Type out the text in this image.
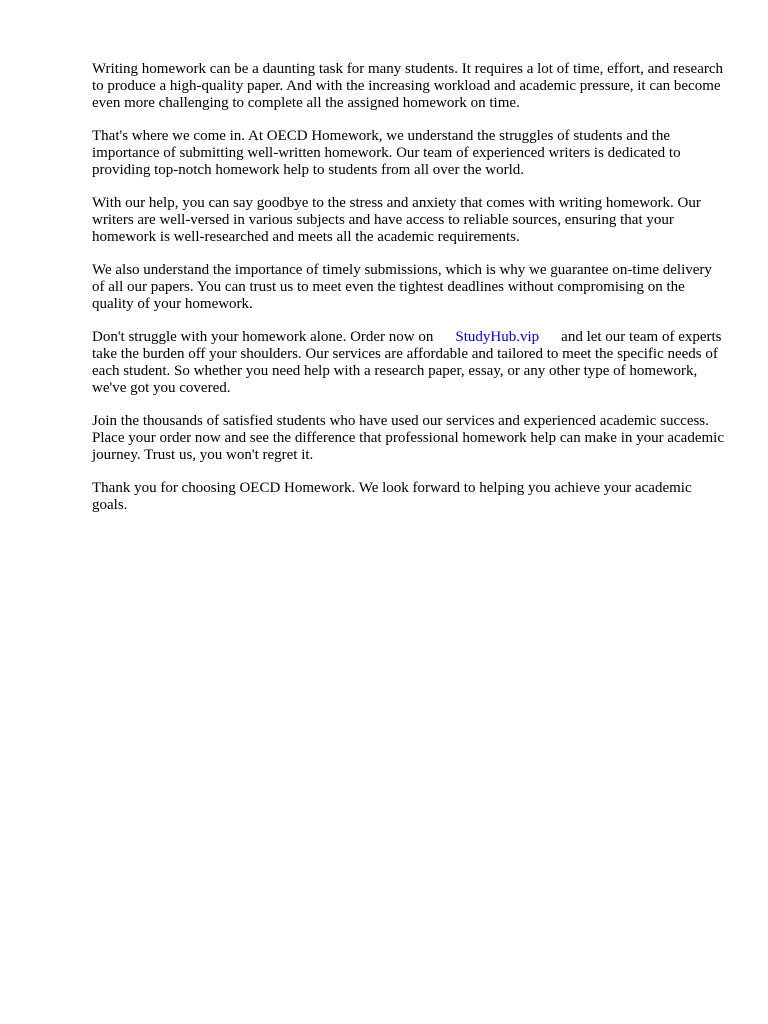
Writing homework can be a daunting task for many students. It requires a lot of time, effort, and research to produce a high-quality paper. And with the increasing workload and academic pressure, it can become even more challenging to complete all the assigned homework on time.

That's where we come in. At OECD Homework, we understand the struggles of students and the importance of submitting well-written homework. Our team of experienced writers is dedicated to providing top-notch homework help to students from all over the world.

With our help, you can say goodbye to the stress and anxiety that comes with writing homework. Our writers are well-versed in various subjects and have access to reliable sources, ensuring that your homework is well-researched and meets all the academic requirements.

We also understand the importance of timely submissions, which is why we guarantee on-time delivery of all our papers. You can trust us to meet even the tightest deadlines without compromising on the quality of your homework.

Don't struggle with your homework alone. Order now on StudyHub.vip and let our team of experts take the burden off your shoulders. Our services are affordable and tailored to meet the specific needs of each student. So whether you need help with a research paper, essay, or any other type of homework, we've got you covered.

Join the thousands of satisfied students who have used our services and experienced academic success. Place your order now and see the difference that professional homework help can make in your academic journey. Trust us, you won't regret it.

Thank you for choosing OECD Homework. We look forward to helping you achieve your academic goals.
